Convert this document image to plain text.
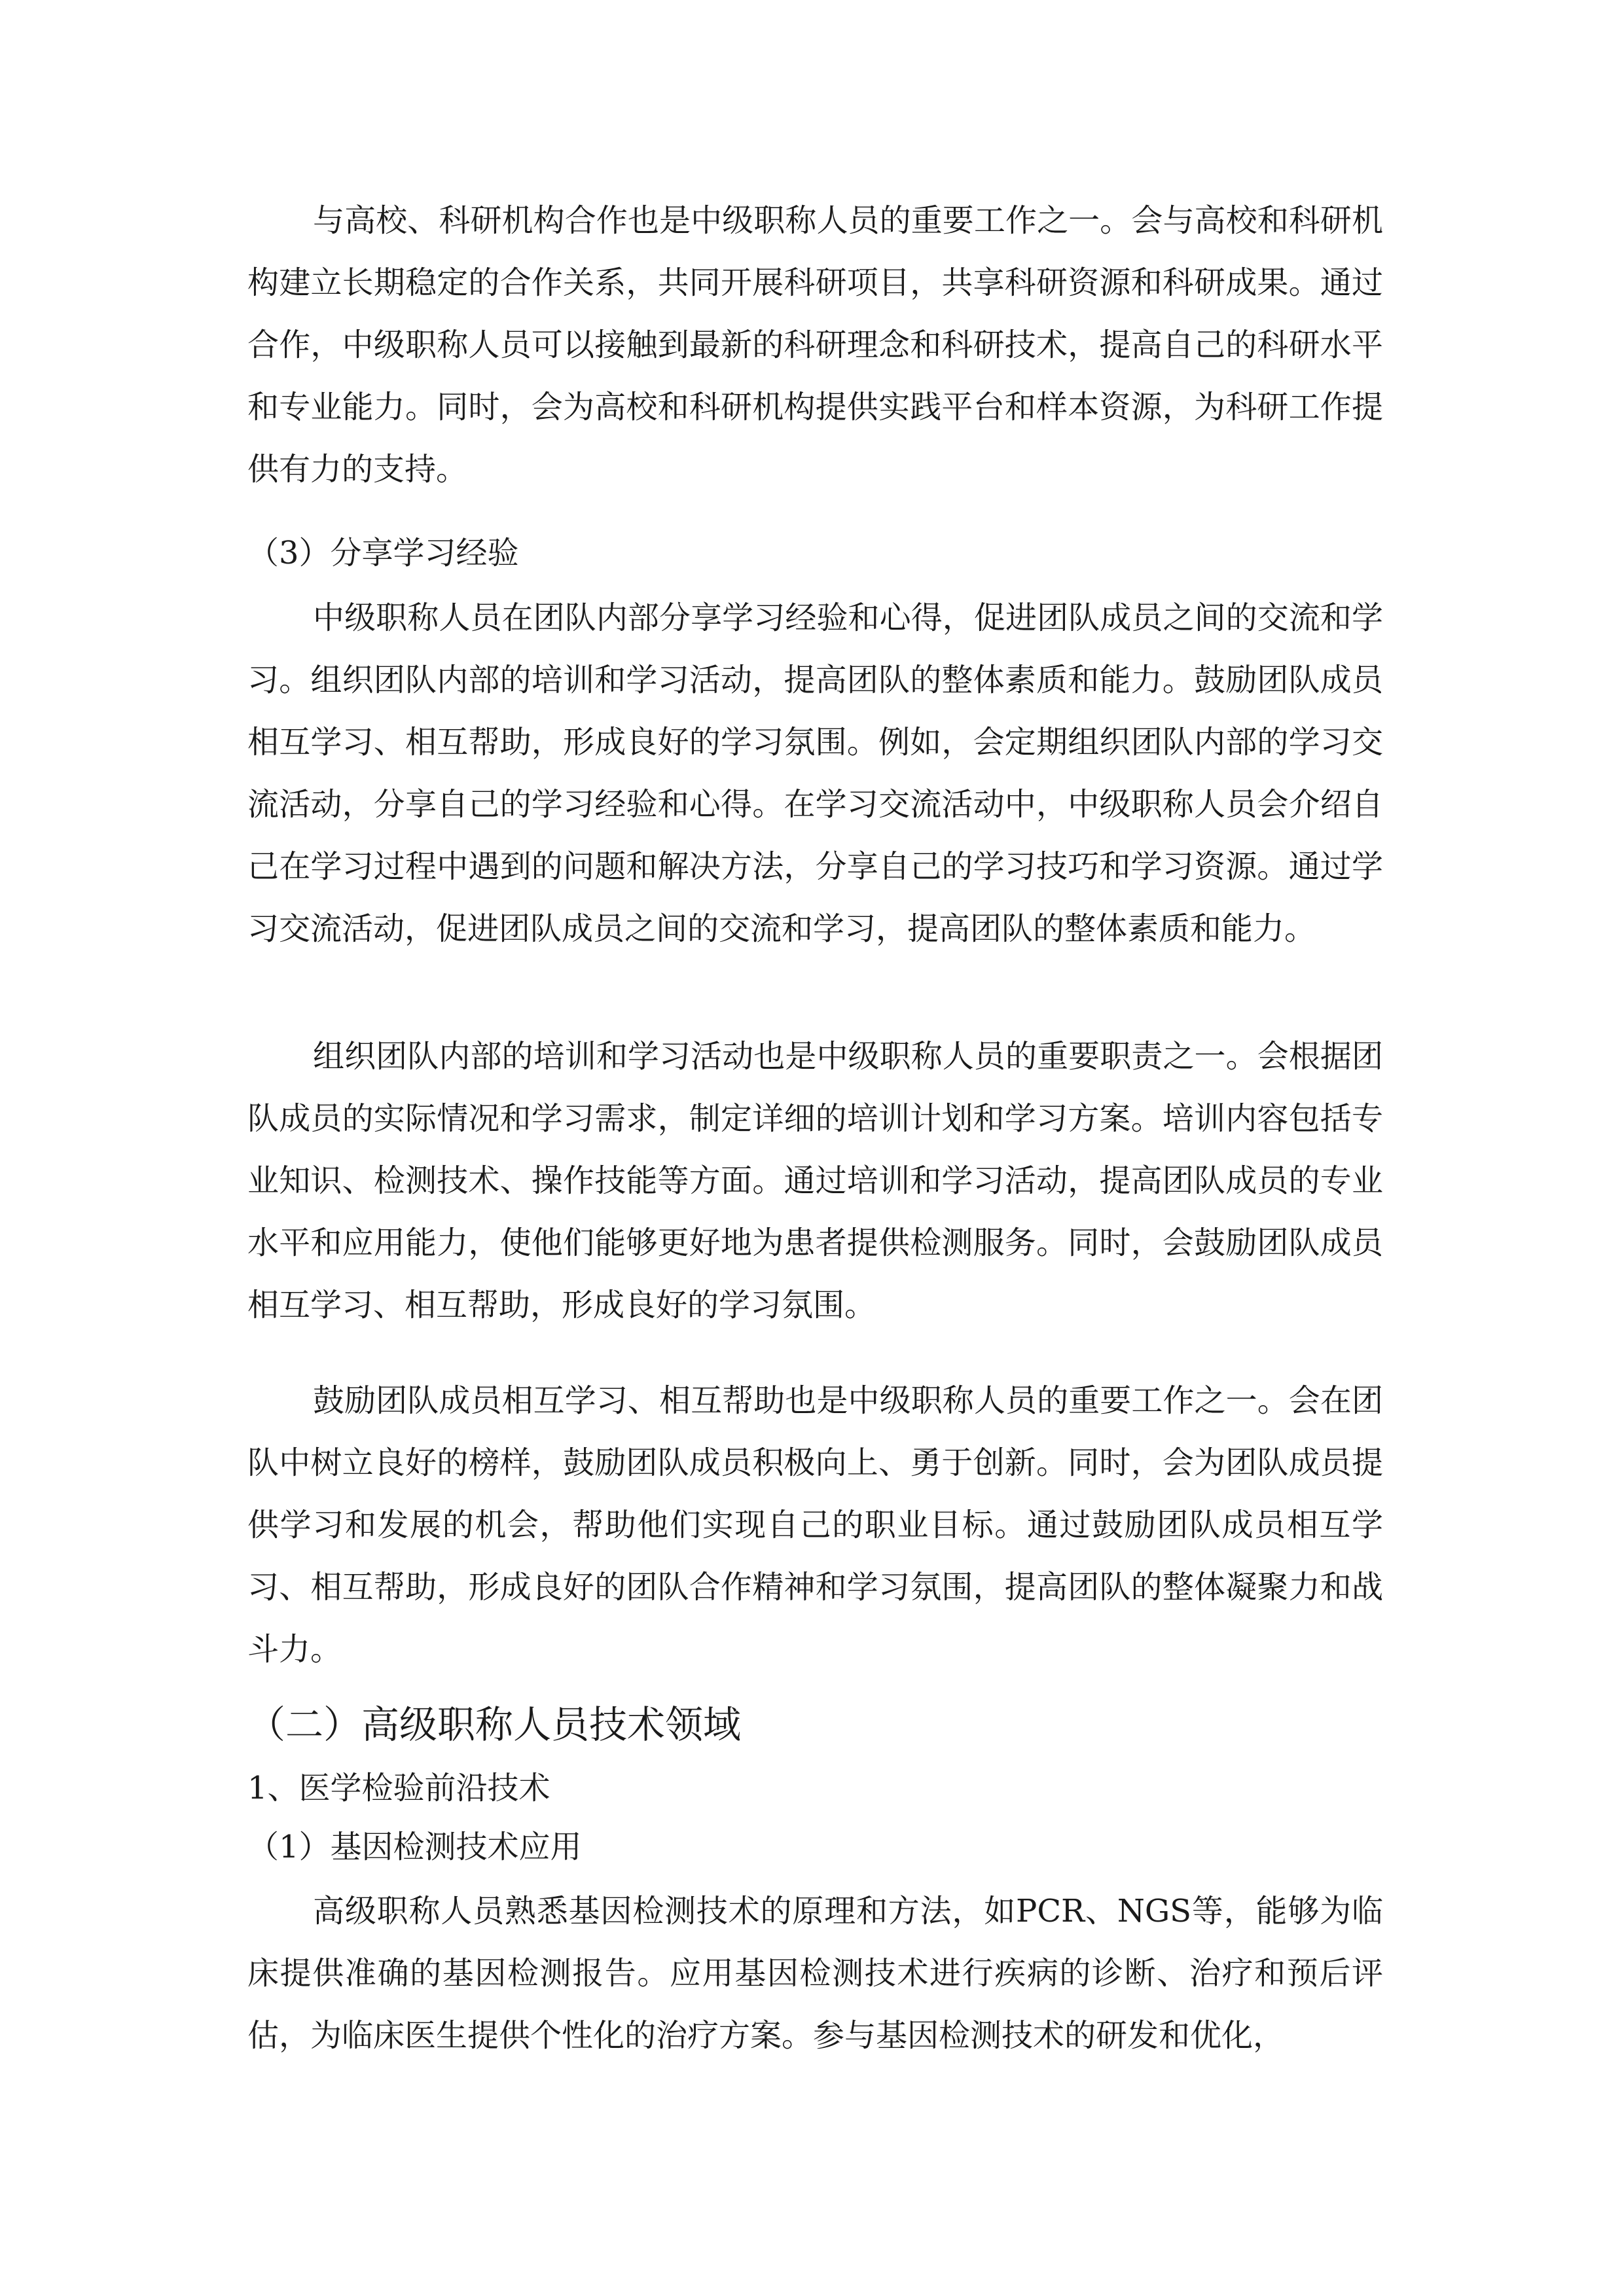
与高校、科研机构合作也是中级职称人员的重要工作之一。会与高校和科研机构建立长期稳定的合作关系，共同开展科研项目，共享科研资源和科研成果。通过合作，中级职称人员可以接触到最新的科研理念和科研技术，提高自己的科研水平和专业能力。同时，会为高校和科研机构提供实践平台和样本资源，为科研工作提供有力的支持。

（3）分享学习经验

中级职称人员在团队内部分享学习经验和心得，促进团队成员之间的交流和学习。组织团队内部的培训和学习活动，提高团队的整体素质和能力。鼓励团队成员相互学习、相互帮助，形成良好的学习氛围。例如，会定期组织团队内部的学习交流活动，分享自己的学习经验和心得。在学习交流活动中，中级职称人员会介绍自己在学习过程中遇到的问题和解决方法，分享自己的学习技巧和学习资源。通过学习交流活动，促进团队成员之间的交流和学习，提高团队的整体素质和能力。

组织团队内部的培训和学习活动也是中级职称人员的重要职责之一。会根据团队成员的实际情况和学习需求，制定详细的培训计划和学习方案。培训内容包括专业知识、检测技术、操作技能等方面。通过培训和学习活动，提高团队成员的专业水平和应用能力，使他们能够更好地为患者提供检测服务。同时，会鼓励团队成员相互学习、相互帮助，形成良好的学习氛围。

鼓励团队成员相互学习、相互帮助也是中级职称人员的重要工作之一。会在团队中树立良好的榜样，鼓励团队成员积极向上、勇于创新。同时，会为团队成员提供学习和发展的机会，帮助他们实现自己的职业目标。通过鼓励团队成员相互学习、相互帮助，形成良好的团队合作精神和学习氛围，提高团队的整体凝聚力和战斗力。

（二）高级职称人员技术领域

1、医学检验前沿技术

（1）基因检测技术应用

高级职称人员熟悉基因检测技术的原理和方法，如PCR、NGS等，能够为临床提供准确的基因检测报告。应用基因检测技术进行疾病的诊断、治疗和预后评估，为临床医生提供个性化的治疗方案。参与基因检测技术的研发和优化，
